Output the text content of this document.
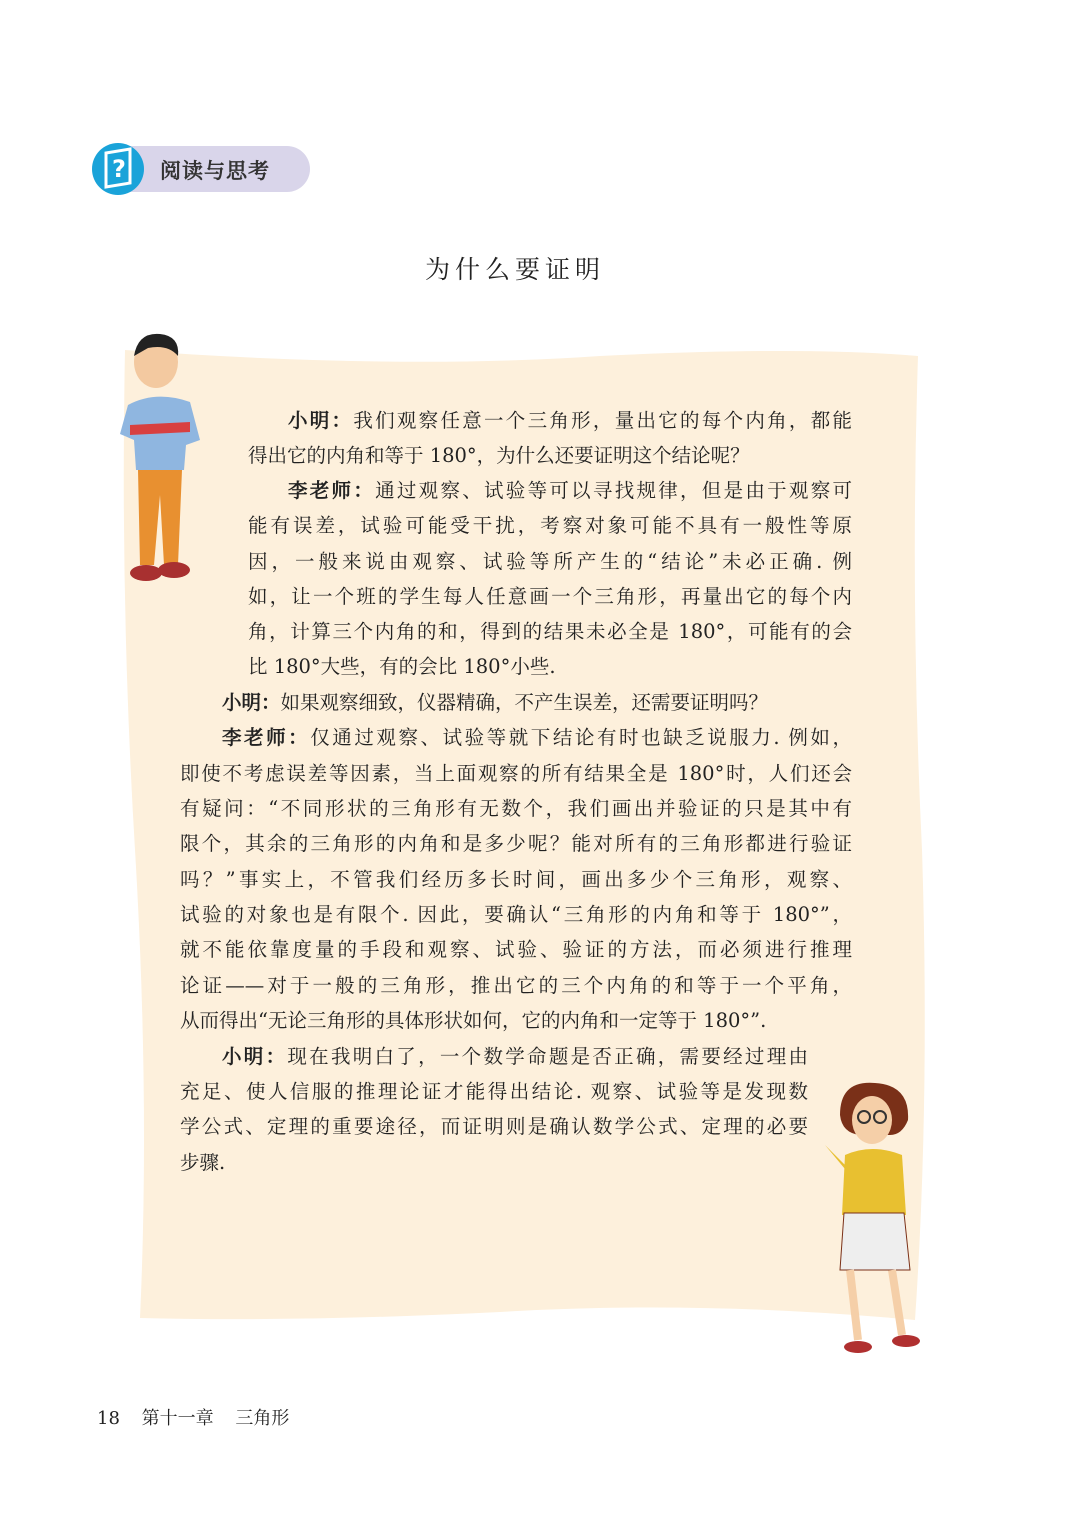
? 阅读与思考
为什么要证明
小明：我们观察任意一个三角形，量出它的每个内角，都能
得出它的内角和等于 180°，为什么还要证明这个结论呢？
李老师：通过观察、试验等可以寻找规律，但是由于观察可
能有误差，试验可能受干扰，考察对象可能不具有一般性等原
因，一般来说由观察、试验等所产生的“结论”未必正确. 例
如，让一个班的学生每人任意画一个三角形，再量出它的每个内
角，计算三个内角的和，得到的结果未必全是 180°，可能有的会
比 180°大些，有的会比 180°小些.
小明：如果观察细致，仪器精确，不产生误差，还需要证明吗？
李老师：仅通过观察、试验等就下结论有时也缺乏说服力. 例如，
即使不考虑误差等因素，当上面观察的所有结果全是 180°时，人们还会
有疑问：“不同形状的三角形有无数个，我们画出并验证的只是其中有
限个，其余的三角形的内角和是多少呢？能对所有的三角形都进行验证
吗？”事实上，不管我们经历多长时间，画出多少个三角形，观察、
试验的对象也是有限个. 因此，要确认“三角形的内角和等于 180°”，
就不能依靠度量的手段和观察、试验、验证的方法，而必须进行推理
论证——对于一般的三角形，推出它的三个内角的和等于一个平角，
从而得出“无论三角形的具体形状如何，它的内角和一定等于 180°”.
小明：现在我明白了，一个数学命题是否正确，需要经过理由
充足、使人信服的推理论证才能得出结论. 观察、试验等是发现数
学公式、定理的重要途径，而证明则是确认数学公式、定理的必要
步骤.
18 第十一章 三角形
